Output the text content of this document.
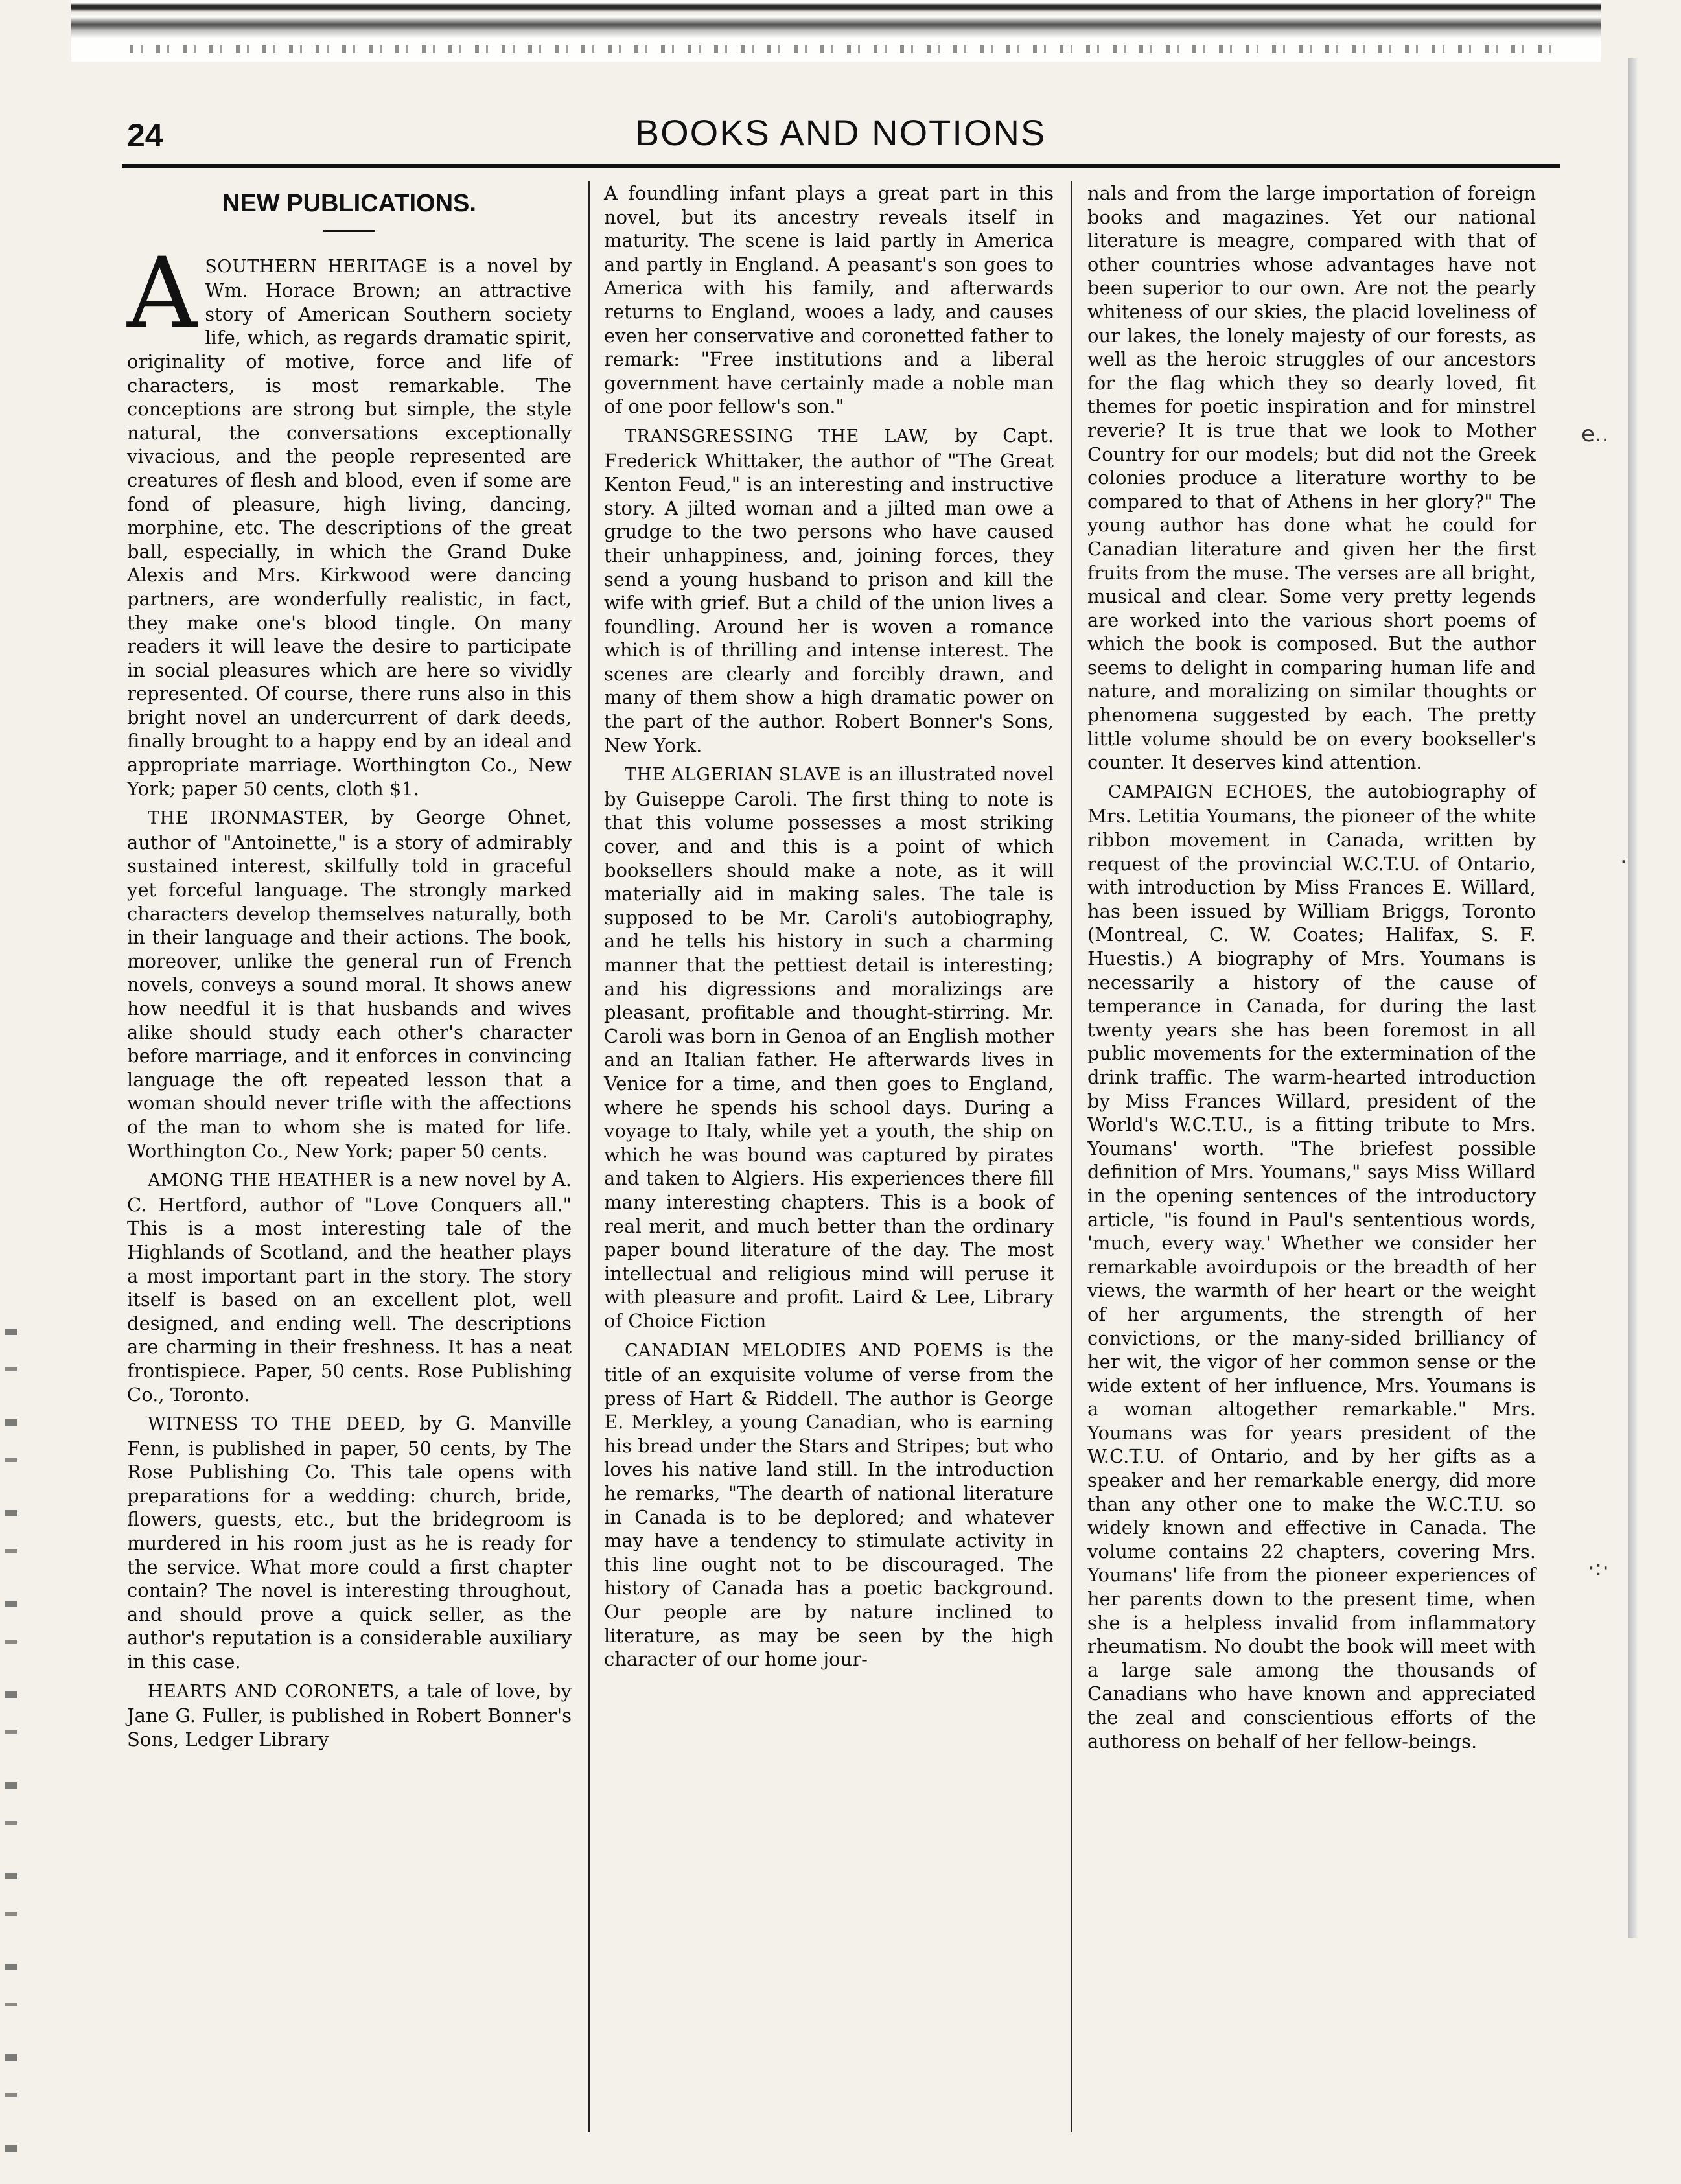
24	BOOKS AND NOTIONS
NEW PUBLICATIONS.

A SOUTHERN HERITAGE is a novel by Wm. Horace Brown; an attractive story of American Southern society life, which, as regards dramatic spirit, originality of motive, force and life of characters, is most remarkable. The conceptions are strong but simple, the style natural, the conversations exceptionally vivacious, and the people represented are creatures of flesh and blood, even if some are fond of pleasure, high living, dancing, morphine, etc. The descriptions of the great ball, especially, in which the Grand Duke Alexis and Mrs. Kirkwood were dancing partners, are wonderfully realistic, in fact, they make one's blood tingle. On many readers it will leave the desire to participate in social pleasures which are here so vividly represented. Of course, there runs also in this bright novel an undercurrent of dark deeds, finally brought to a happy end by an ideal and appropriate marriage. Worthington Co., New York; paper 50 cents, cloth $1.

THE IRONMASTER, by George Ohnet, author of "Antoinette," is a story of admirably sustained interest, skilfully told in graceful yet forceful language. The strongly marked characters develop themselves naturally, both in their language and their actions. The book, moreover, unlike the general run of French novels, conveys a sound moral. It shows anew how needful it is that husbands and wives alike should study each other's character before marriage, and it enforces in convincing language the oft repeated lesson that a woman should never trifle with the affections of the man to whom she is mated for life. Worthington Co., New York; paper 50 cents.

AMONG THE HEATHER is a new novel by A. C. Hertford, author of "Love Conquers all." This is a most interesting tale of the Highlands of Scotland, and the heather plays a most important part in the story. The story itself is based on an excellent plot, well designed, and ending well. The descriptions are charming in their freshness. It has a neat frontispiece. Paper, 50 cents. Rose Publishing Co., Toronto.

WITNESS TO THE DEED, by G. Manville Fenn, is published in paper, 50 cents, by The Rose Publishing Co. This tale opens with preparations for a wedding: church, bride, flowers, guests, etc., but the bridegroom is murdered in his room just as he is ready for the service. What more could a first chapter contain? The novel is interesting throughout, and should prove a quick seller, as the author's reputation is a considerable auxiliary in this case.

HEARTS AND CORONETS, a tale of love, by Jane G. Fuller, is published in Robert Bonner's Sons, Ledger Library

A foundling infant plays a great part in this novel, but its ancestry reveals itself in maturity. The scene is laid partly in America and partly in England. A peasant's son goes to America with his family, and afterwards returns to England, wooes a lady, and causes even her conservative and coronetted father to remark: "Free institutions and a liberal government have certainly made a noble man of one poor fellow's son."

TRANSGRESSING THE LAW, by Capt. Frederick Whittaker, the author of "The Great Kenton Feud," is an interesting and instructive story. A jilted woman and a jilted man owe a grudge to the two persons who have caused their unhappiness, and, joining forces, they send a young husband to prison and kill the wife with grief. But a child of the union lives a foundling. Around her is woven a romance which is of thrilling and intense interest. The scenes are clearly and forcibly drawn, and many of them show a high dramatic power on the part of the author. Robert Bonner's Sons, New York.

THE ALGERIAN SLAVE is an illustrated novel by Guiseppe Caroli. The first thing to note is that this volume possesses a most striking cover, and and this is a point of which booksellers should make a note, as it will materially aid in making sales. The tale is supposed to be Mr. Caroli's autobiography, and he tells his history in such a charming manner that the pettiest detail is interesting; and his digressions and moralizings are pleasant, profitable and thought-stirring. Mr. Caroli was born in Genoa of an English mother and an Italian father. He afterwards lives in Venice for a time, and then goes to England, where he spends his school days. During a voyage to Italy, while yet a youth, the ship on which he was bound was captured by pirates and taken to Algiers. His experiences there fill many interesting chapters. This is a book of real merit, and much better than the ordinary paper bound literature of the day. The most intellectual and religious mind will peruse it with pleasure and profit. Laird & Lee, Library of Choice Fiction

CANADIAN MELODIES AND POEMS is the title of an exquisite volume of verse from the press of Hart & Riddell. The author is George E. Merkley, a young Canadian, who is earning his bread under the Stars and Stripes; but who loves his native land still. In the introduction he remarks, "The dearth of national literature in Canada is to be deplored; and whatever may have a tendency to stimulate activity in this line ought not to be discouraged. The history of Canada has a poetic background. Our people are by nature inclined to literature, as may be seen by the high character of our home jour-

nals and from the large importation of foreign books and magazines. Yet our national literature is meagre, compared with that of other countries whose advantages have not been superior to our own. Are not the pearly whiteness of our skies, the placid loveliness of our lakes, the lonely majesty of our forests, as well as the heroic struggles of our ancestors for the flag which they so dearly loved, fit themes for poetic inspiration and for minstrel reverie? It is true that we look to Mother Country for our models; but did not the Greek colonies produce a literature worthy to be compared to that of Athens in her glory?" The young author has done what he could for Canadian literature and given her the first fruits from the muse. The verses are all bright, musical and clear. Some very pretty legends are worked into the various short poems of which the book is composed. But the author seems to delight in comparing human life and nature, and moralizing on similar thoughts or phenomena suggested by each. The pretty little volume should be on every bookseller's counter. It deserves kind attention.

CAMPAIGN ECHOES, the autobiography of Mrs. Letitia Youmans, the pioneer of the white ribbon movement in Canada, written by request of the provincial W.C.T.U. of Ontario, with introduction by Miss Frances E. Willard, has been issued by William Briggs, Toronto (Montreal, C. W. Coates; Halifax, S. F. Huestis.) A biography of Mrs. Youmans is necessarily a history of the cause of temperance in Canada, for during the last twenty years she has been foremost in all public movements for the extermination of the drink traffic. The warm-hearted introduction by Miss Frances Willard, president of the World's W.C.T.U., is a fitting tribute to Mrs. Youmans' worth. "The briefest possible definition of Mrs. Youmans," says Miss Willard in the opening sentences of the introductory article, "is found in Paul's sententious words, 'much, every way.' Whether we consider her remarkable avoirdupois or the breadth of her views, the warmth of her heart or the weight of her arguments, the strength of her convictions, or the many-sided brilliancy of her wit, the vigor of her common sense or the wide extent of her influence, Mrs. Youmans is a woman altogether remarkable." Mrs. Youmans was for years president of the W.C.T.U. of Ontario, and by her gifts as a speaker and her remarkable energy, did more than any other one to make the W.C.T.U. so widely known and effective in Canada. The volume contains 22 chapters, covering Mrs. Youmans' life from the pioneer experiences of her parents down to the present time, when she is a helpless invalid from inflammatory rheumatism. No doubt the book will meet with a large sale among the thousands of Canadians who have known and appreciated the zeal and conscientious efforts of the authoress on behalf of her fellow-beings.

e..
·
·:·
